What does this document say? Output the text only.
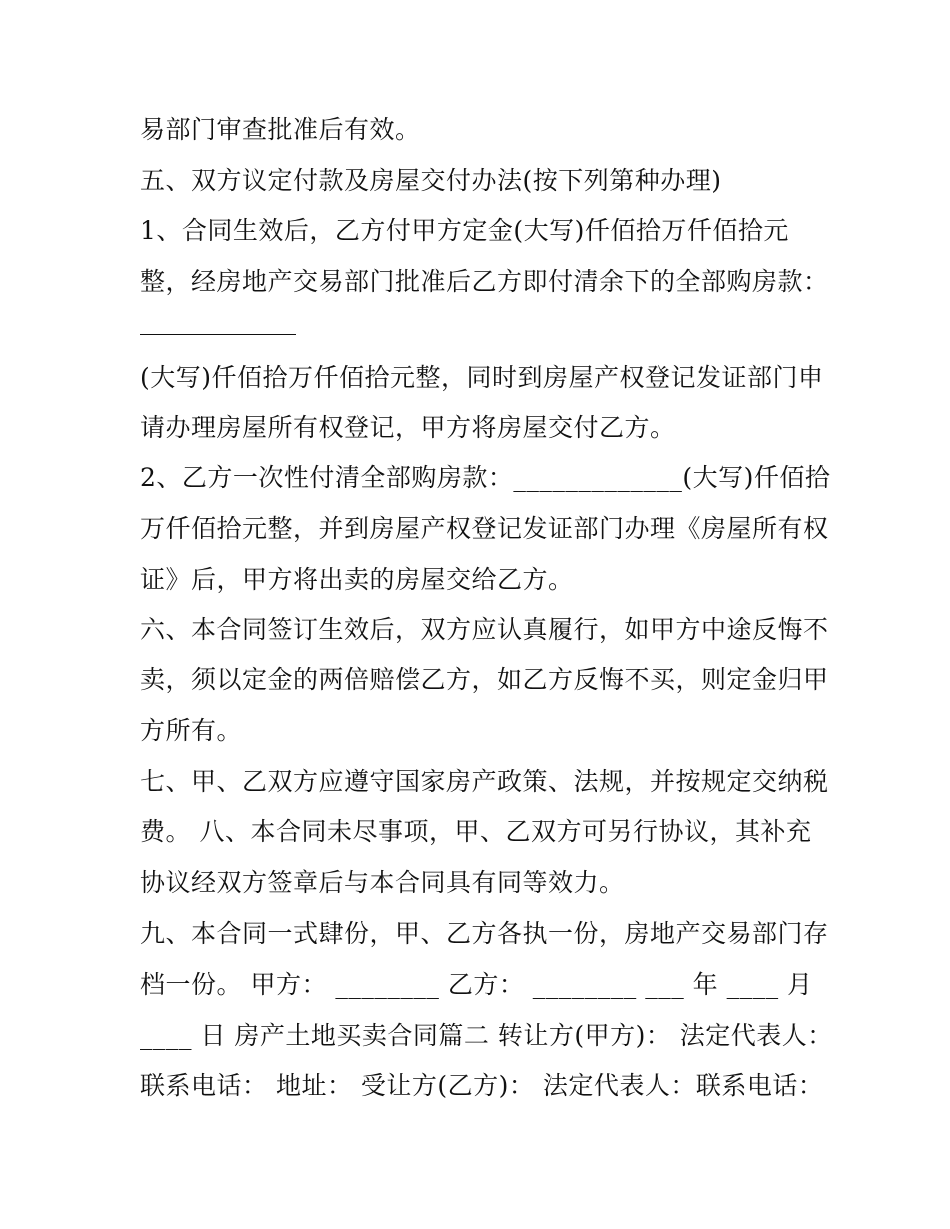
易部门审查批准后有效。
五、双方议定付款及房屋交付办法(按下列第种办理)
1、合同生效后，乙方付甲方定金(大写)仟佰拾万仟佰拾元
整，经房地产交易部门批准后乙方即付清余下的全部购房款：
(大写)仟佰拾万仟佰拾元整，同时到房屋产权登记发证部门申
请办理房屋所有权登记，甲方将房屋交付乙方。
2、乙方一次性付清全部购房款：_____________(大写)仟佰拾
万仟佰拾元整，并到房屋产权登记发证部门办理《房屋所有权
证》后，甲方将出卖的房屋交给乙方。
六、本合同签订生效后，双方应认真履行，如甲方中途反悔不
卖，须以定金的两倍赔偿乙方，如乙方反悔不买，则定金归甲
方所有。
七、甲、乙双方应遵守国家房产政策、法规，并按规定交纳税
费。 八、本合同未尽事项，甲、乙双方可另行协议，其补充
协议经双方签章后与本合同具有同等效力。
九、本合同一式肆份，甲、乙方各执一份，房地产交易部门存
档一份。 甲方： ________ 乙方： ________ ___ 年 ____ 月
____ 日 房产土地买卖合同篇二 转让方(甲方)： 法定代表人：
联系电话： 地址： 受让方(乙方)： 法定代表人：联系电话：
